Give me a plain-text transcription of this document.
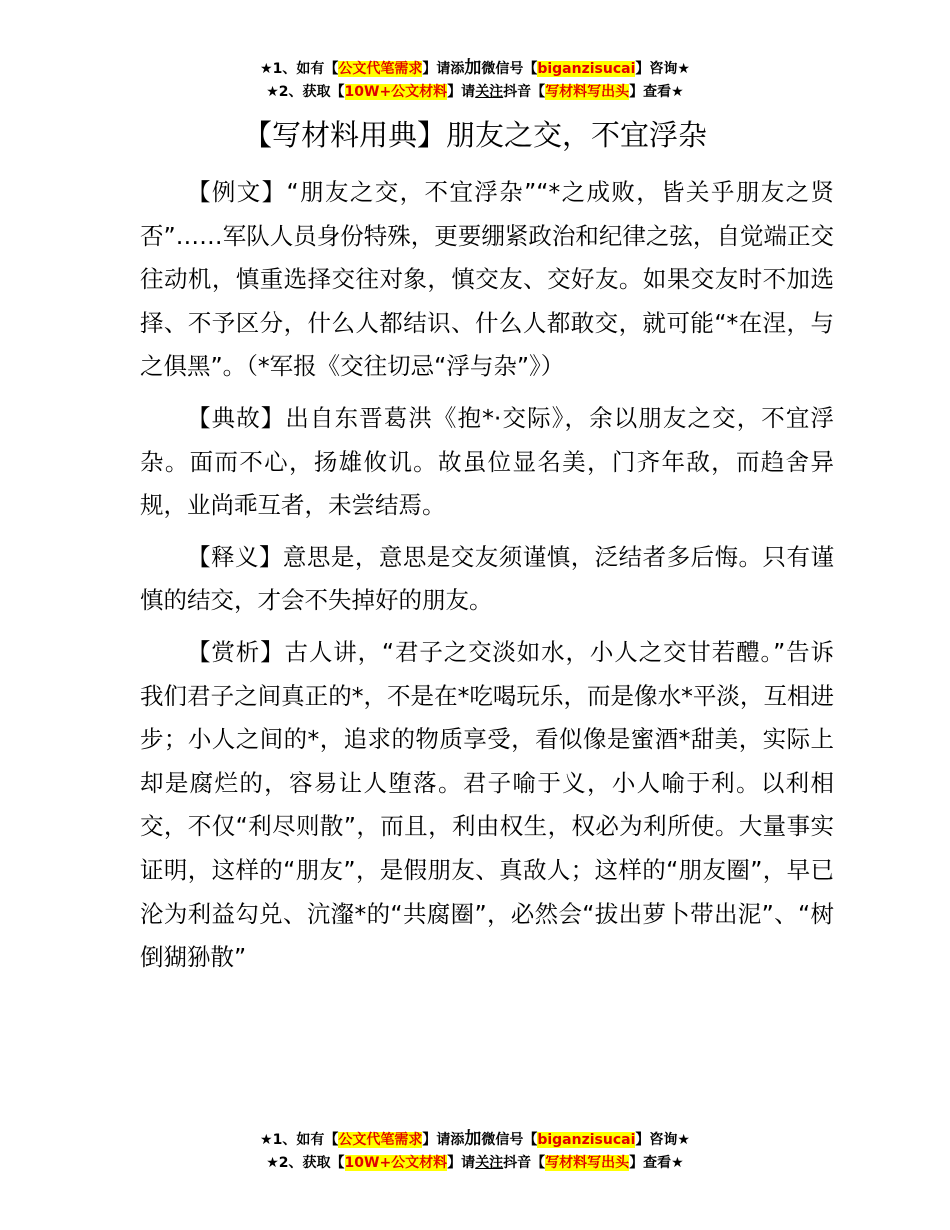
★1、如有【公文代笔需求】请添加微信号【biganzisucai】咨询★
★2、获取【10W+公文材料】请关注抖音【写材料写出头】查看★
【写材料用典】朋友之交，不宜浮杂

【例文】“朋友之交，不宜浮杂”“*之成败，皆关乎朋友之贤否”……军队人员身份特殊，更要绷紧政治和纪律之弦，自觉端正交往动机，慎重选择交往对象，慎交友、交好友。如果交友时不加选择、不予区分，什么人都结识、什么人都敢交，就可能“*在涅，与之俱黑”。（*军报《交往切忌“浮与杂”》）

【典故】出自东晋葛洪《抱*·交际》，余以朋友之交，不宜浮杂。面而不心，扬雄攸讥。故虽位显名美，门齐年敌，而趋舍异规，业尚乖互者，未尝结焉。

【释义】意思是，意思是交友须谨慎，泛结者多后悔。只有谨慎的结交，才会不失掉好的朋友。

【赏析】古人讲，“君子之交淡如水，小人之交甘若醴。”告诉我们君子之间真正的*，不是在*吃喝玩乐，而是像水*平淡，互相进步；小人之间的*，追求的物质享受，看似像是蜜酒*甜美，实际上却是腐烂的，容易让人堕落。君子喻于义，小人喻于利。以利相交，不仅“利尽则散”，而且，利由权生，权必为利所使。大量事实证明，这样的“朋友”，是假朋友、真敌人；这样的“朋友圈”，早已沦为利益勾兑、沆瀣*的“共腐圈”，必然会“拔出萝卜带出泥”、“树倒猢狲散”

★1、如有【公文代笔需求】请添加微信号【biganzisucai】咨询★
★2、获取【10W+公文材料】请关注抖音【写材料写出头】查看★
